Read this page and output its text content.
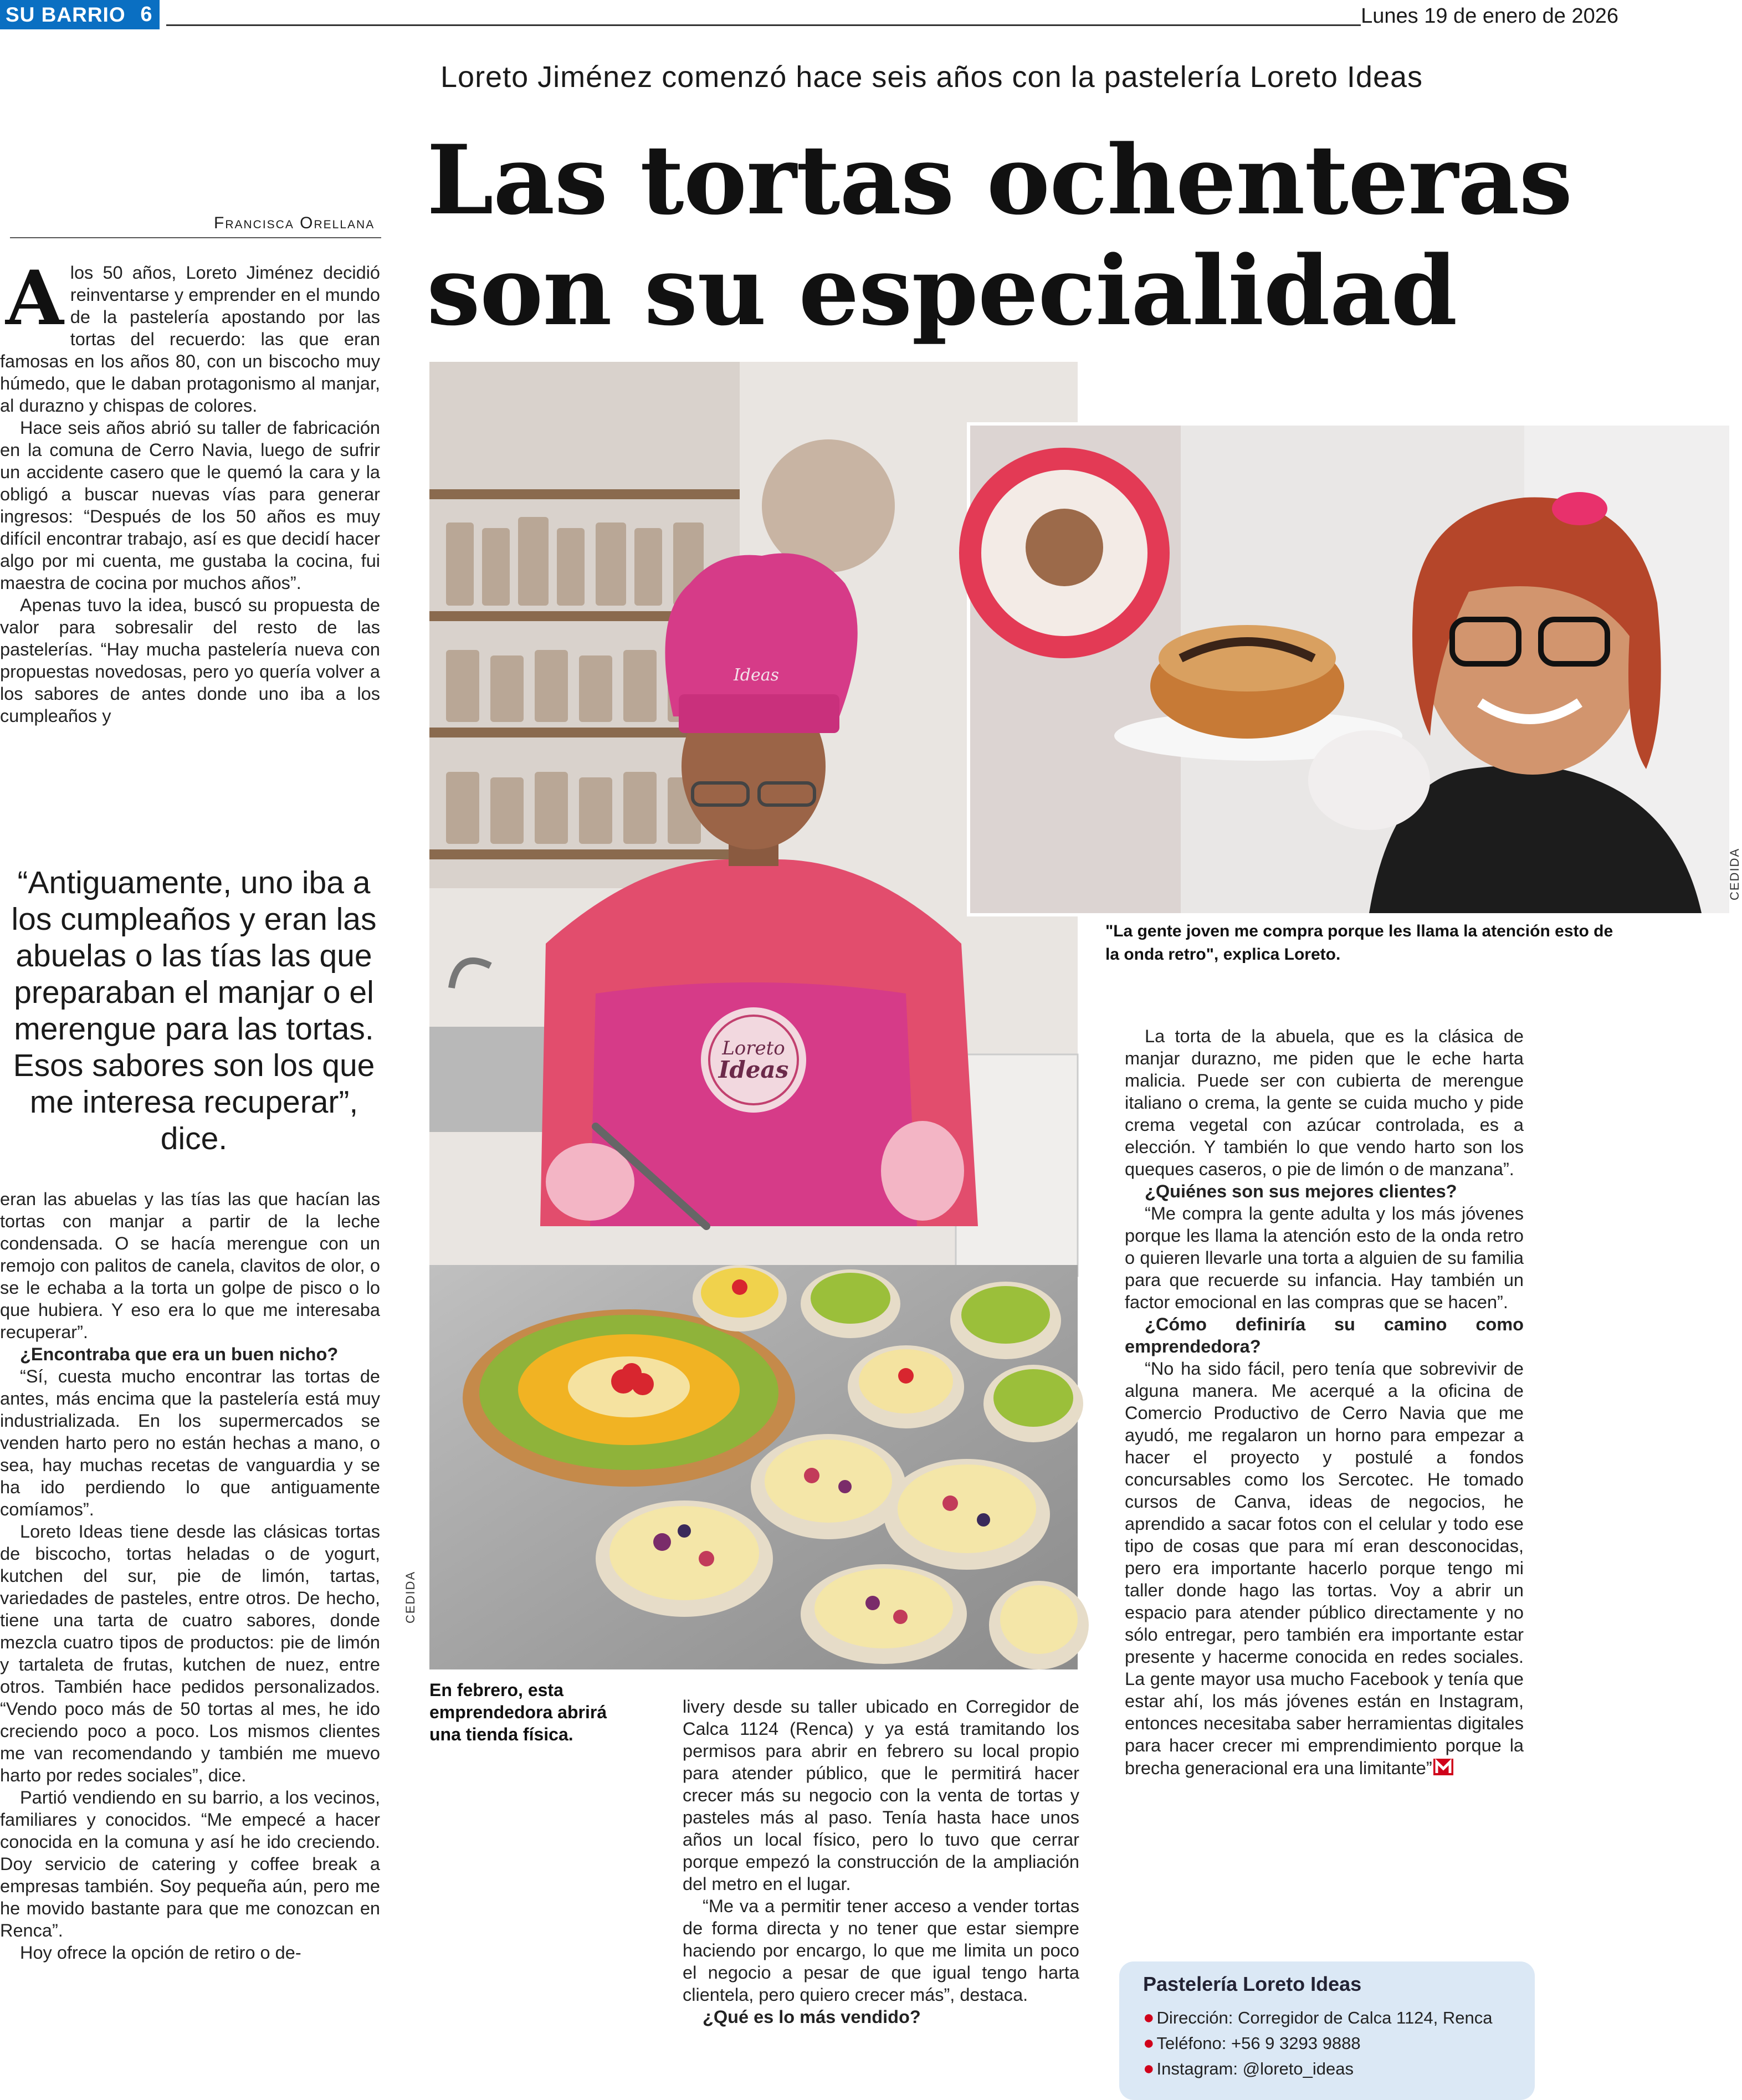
SU BARRIO 6	Lunes 19 de enero de 2026
Loreto Jiménez comenzó hace seis años con la pastelería Loreto Ideas
Las tortas ochenteras
son su especialidad
Francisca Orellana
A los 50 años, Loreto Jiménez decidió reinventarse y emprender en el mundo de la pastelería apostando por las tortas del recuerdo: las que eran famosas en los años 80, con un biscocho muy húmedo, que le daban protagonismo al manjar, al durazno y chispas de colores.

Hace seis años abrió su taller de fabricación en la comuna de Cerro Navia, luego de sufrir un accidente casero que le quemó la cara y la obligó a buscar nuevas vías para generar ingresos: “Después de los 50 años es muy difícil encontrar trabajo, así es que decidí hacer algo por mi cuenta, me gustaba la cocina, fui maestra de cocina por muchos años”.

Apenas tuvo la idea, buscó su propuesta de valor para sobresalir del resto de las pastelerías. “Hay mucha pastelería nueva con propuestas novedosas, pero yo quería volver a los sabores de antes donde uno iba a los cumpleaños y

“Antiguamente, uno iba a los cumpleaños y eran las abuelas o las tías las que preparaban el manjar o el merengue para las tortas. Esos sabores son los que me interesa recuperar”, dice.

eran las abuelas y las tías las que hacían las tortas con manjar a partir de la leche condensada. O se hacía merengue con un remojo con palitos de canela, clavitos de olor, o se le echaba a la torta un golpe de pisco o lo que hubiera. Y eso era lo que me interesaba recuperar”.

¿Encontraba que era un buen nicho?

“Sí, cuesta mucho encontrar las tortas de antes, más encima que la pastelería está muy industrializada. En los supermercados se venden harto pero no están hechas a mano, o sea, hay muchas recetas de vanguardia y se ha ido perdiendo lo que antiguamente comíamos”.

Loreto Ideas tiene desde las clásicas tortas de biscocho, tortas heladas o de yogurt, kutchen del sur, pie de limón, tartas, variedades de pasteles, entre otros. De hecho, tiene una tarta de cuatro sabores, donde mezcla cuatro tipos de productos: pie de limón y tartaleta de frutas, kutchen de nuez, entre otros. También hace pedidos personalizados. “Vendo poco más de 50 tortas al mes, he ido creciendo poco a poco. Los mismos clientes me van recomendando y también me muevo harto por redes sociales”, dice.

Partió vendiendo en su barrio, a los vecinos, familiares y conocidos. “Me empecé a hacer conocida en la comuna y así he ido creciendo. Doy servicio de catering y coffee break a empresas también. Soy pequeña aún, pero me he movido bastante para que me conozcan en Renca”.

Hoy ofrece la opción de retiro o de-

Loreto
Ideas
Ideas
CEDIDA
CEDIDA
"La gente joven me compra porque les llama la atención esto de la onda retro", explica Loreto.
En febrero, esta emprendedora abrirá una tienda física.

livery desde su taller ubicado en Corregidor de Calca 1124 (Renca) y ya está tramitando los permisos para abrir en febrero su local propio para atender público, que le permitirá hacer crecer más su negocio con la venta de tortas y pasteles más al paso. Tenía hasta hace unos años un local físico, pero lo tuvo que cerrar porque empezó la construcción de la ampliación del metro en el lugar.

“Me va a permitir tener acceso a vender tortas de forma directa y no tener que estar siempre haciendo por encargo, lo que me limita un poco el negocio a pesar de que igual tengo harta clientela, pero quiero crecer más”, destaca.

¿Qué es lo más vendido?

La torta de la abuela, que es la clásica de manjar durazno, me piden que le eche harta malicia. Puede ser con cubierta de merengue italiano o crema, la gente se cuida mucho y pide crema vegetal con azúcar controlada, es a elección. Y también lo que vendo harto son los queques caseros, o pie de limón o de manzana”.

¿Quiénes son sus mejores clientes?

“Me compra la gente adulta y los más jóvenes porque les llama la atención esto de la onda retro o quieren llevarle una torta a alguien de su familia para que recuerde su infancia. Hay también un factor emocional en las compras que se hacen”.

¿Cómo definiría su camino como emprendedora?

“No ha sido fácil, pero tenía que sobrevivir de alguna manera. Me acerqué a la oficina de Comercio Productivo de Cerro Navia que me ayudó, me regalaron un horno para empezar a hacer el proyecto y postulé a fondos concursables como los Sercotec. He tomado cursos de Canva, ideas de negocios, he aprendido a sacar fotos con el celular y todo ese tipo de cosas que para mí eran desconocidas, pero era importante hacerlo porque tengo mi taller donde hago las tortas. Voy a abrir un espacio para atender público directamente y no sólo entregar, pero también era importante estar presente y hacerme conocida en redes sociales. La gente mayor usa mucho Facebook y tenía que estar ahí, los más jóvenes están en Instagram, entonces necesitaba saber herramientas digitales para hacer crecer mi emprendimiento porque la brecha generacional era una limitante”

Pastelería Loreto Ideas
● Dirección: Corregidor de Calca 1124, Renca
● Teléfono: +56 9 3293 9888
● Instagram: @loreto_ideas
